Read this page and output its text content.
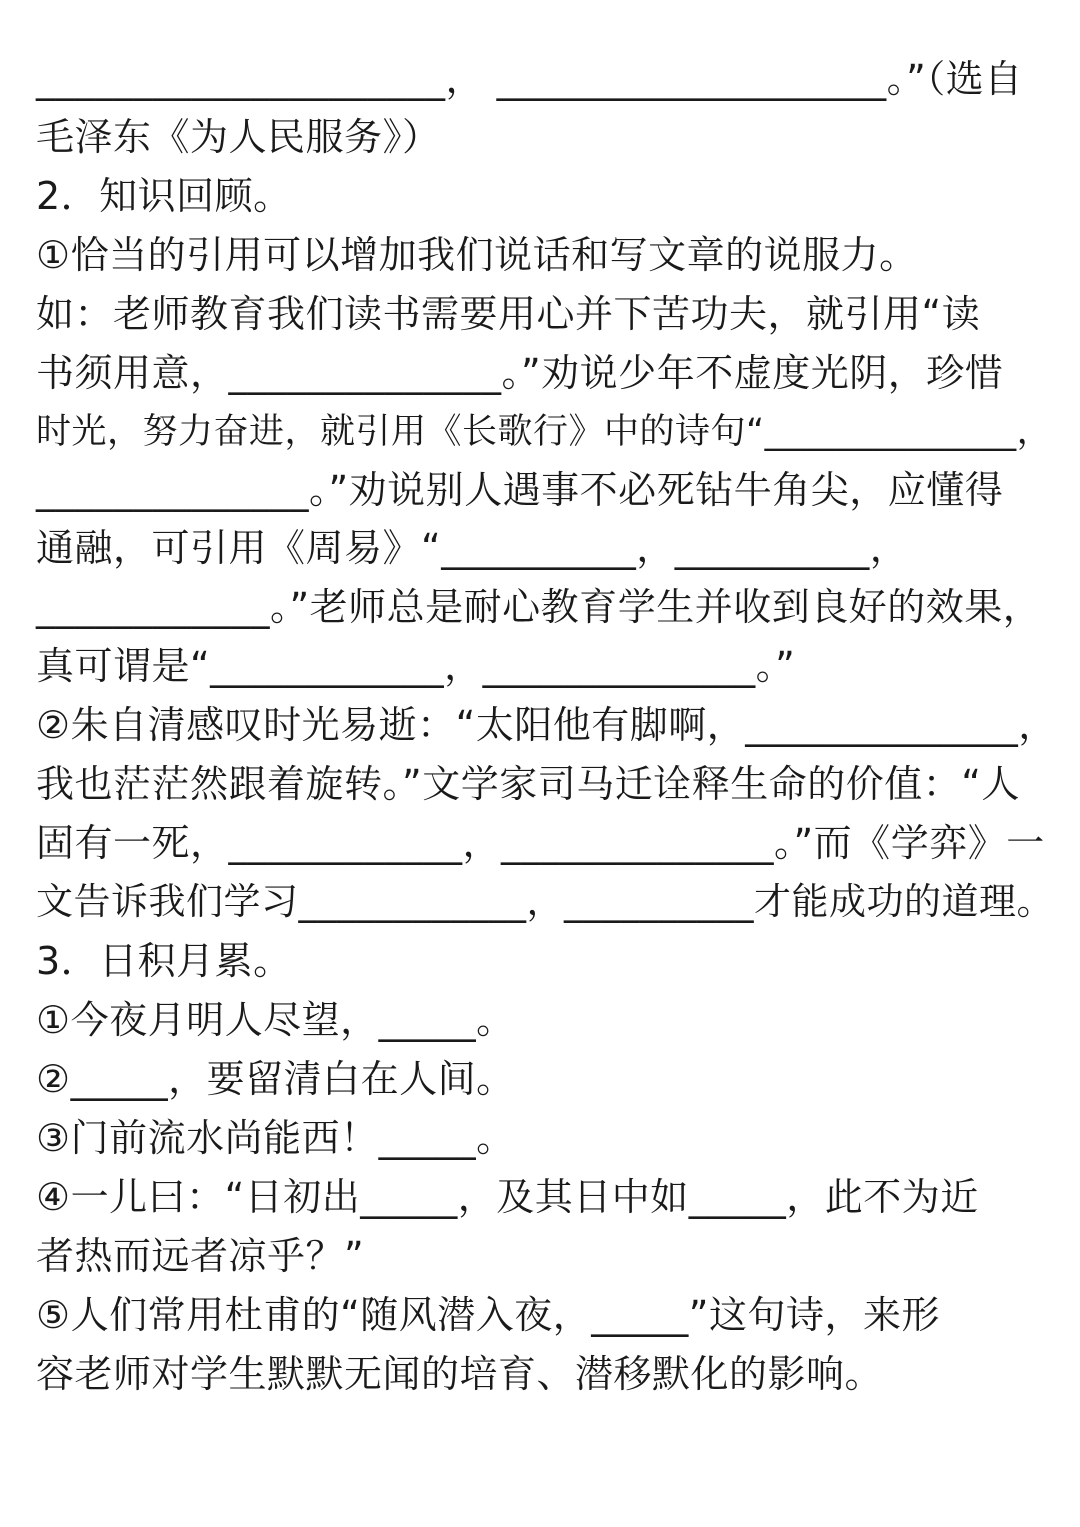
_____________________， ____________________。”（选自
毛泽东《为人民服务》）
2．知识回顾。
①恰当的引用可以增加我们说话和写文章的说服力。
如：老师教育我们读书需要用心并下苦功夫，就引用“读
书须用意，______________。”劝说少年不虚度光阴，珍惜
时光，努力奋进，就引用《长歌行》中的诗句“______________，
______________。”劝说别人遇事不必死钻牛角尖，应懂得
通融，可引用《周易》“__________，__________，
____________。”老师总是耐心教育学生并收到良好的效果，
真可谓是“____________，______________。”
②朱自清感叹时光易逝：“太阳他有脚啊，______________，
我也茫茫然跟着旋转。”文学家司马迁诠释生命的价值：“人
固有一死，____________，______________。”而《学弈》一
文告诉我们学习____________，__________才能成功的道理。
3．日积月累。
①今夜月明人尽望，_____。
②_____，要留清白在人间。
③门前流水尚能西！_____。
④一儿曰：“日初出_____，及其日中如_____，此不为近
者热而远者凉乎？”
⑤人们常用杜甫的“随风潜入夜，_____”这句诗，来形
容老师对学生默默无闻的培育、潜移默化的影响。
